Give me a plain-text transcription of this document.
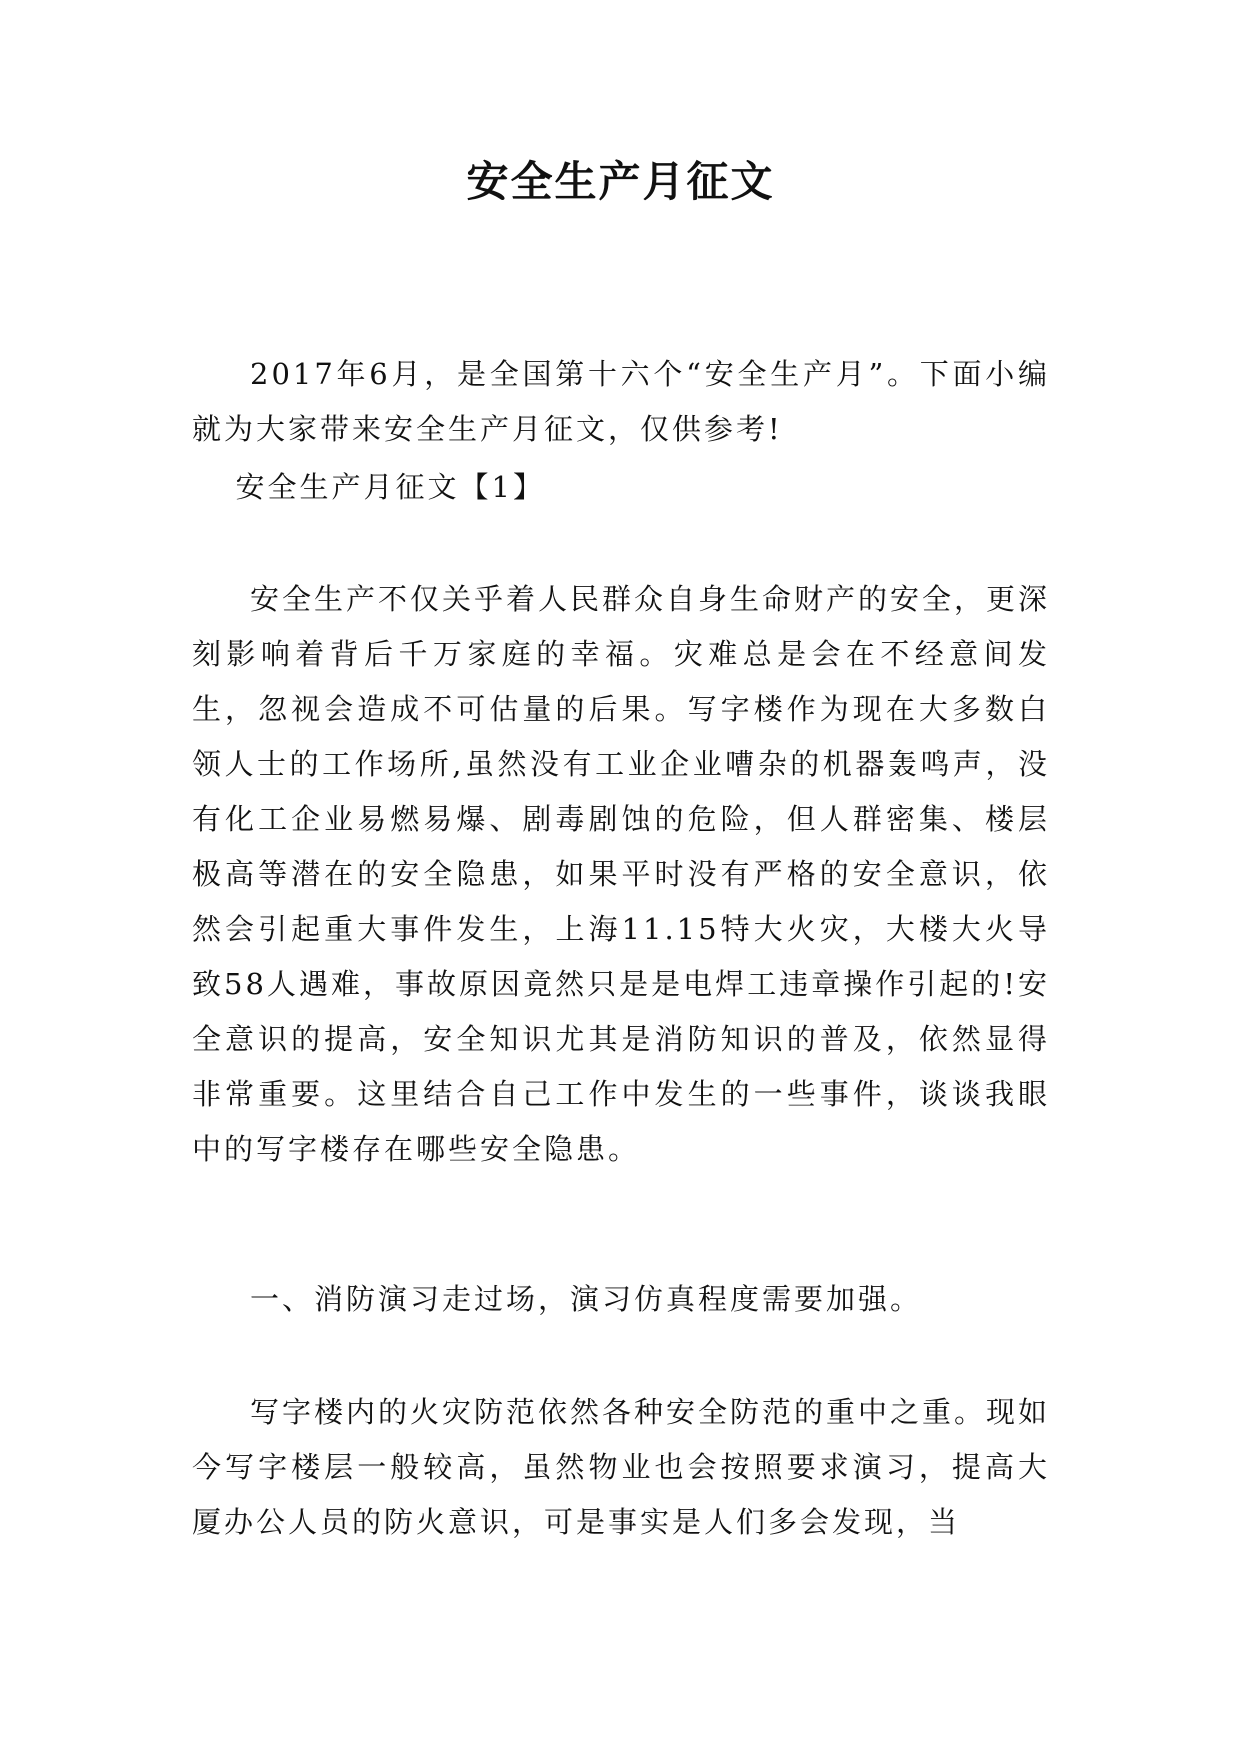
安全生产月征文

2017年6月，是全国第十六个“安全生产月”。下面小编就为大家带来安全生产月征文，仅供参考!

安全生产月征文【1】

安全生产不仅关乎着人民群众自身生命财产的安全，更深刻影响着背后千万家庭的幸福。灾难总是会在不经意间发生，忽视会造成不可估量的后果。写字楼作为现在大多数白领人士的工作场所,虽然没有工业企业嘈杂的机器轰鸣声，没有化工企业易燃易爆、剧毒剧蚀的危险，但人群密集、楼层极高等潜在的安全隐患，如果平时没有严格的安全意识，依然会引起重大事件发生，上海11.15特大火灾，大楼大火导致58人遇难，事故原因竟然只是是电焊工违章操作引起的!安全意识的提高，安全知识尤其是消防知识的普及，依然显得非常重要。这里结合自己工作中发生的一些事件，谈谈我眼中的写字楼存在哪些安全隐患。

一、消防演习走过场，演习仿真程度需要加强。

写字楼内的火灾防范依然各种安全防范的重中之重。现如今写字楼层一般较高，虽然物业也会按照要求演习，提高大厦办公人员的防火意识，可是事实是人们多会发现，当
